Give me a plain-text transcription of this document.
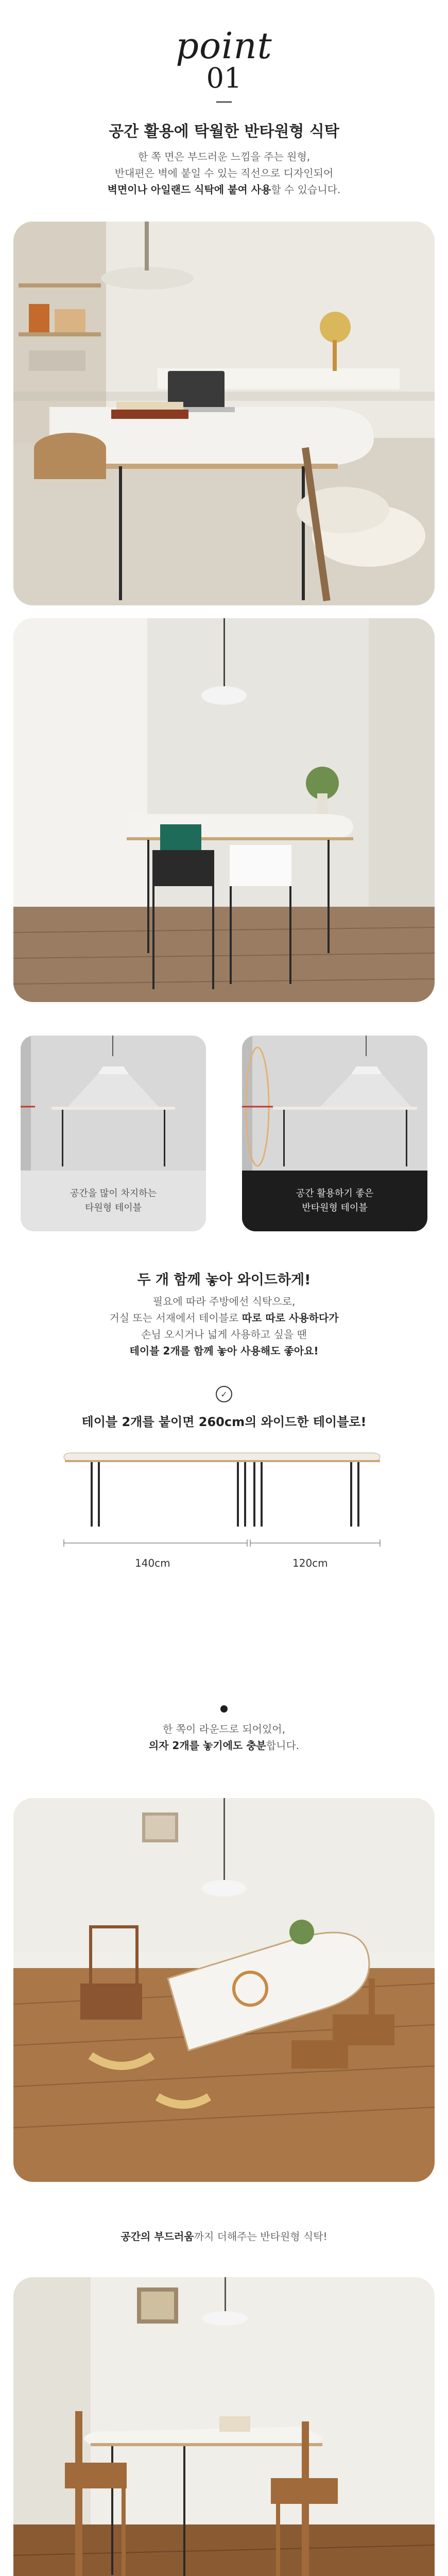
point
01
공간 활용에 탁월한 반타원형 식탁
한 쪽 면은 부드러운 느낌을 주는 원형,
반대편은 벽에 붙일 수 있는 직선으로 디자인되어
벽면이나 아일랜드 식탁에 붙여 사용할 수 있습니다.
공간을 많이 차지하는
타원형 테이블
공간 활용하기 좋은
반타원형 테이블
두 개 함께 놓아 와이드하게!
필요에 따라 주방에선 식탁으로,
거실 또는 서재에서 테이블로 따로 따로 사용하다가
손님 오시거나 넓게 사용하고 싶을 땐
테이블 2개를 함께 놓아 사용해도 좋아요!
✓
테이블 2개를 붙이면 260cm의 와이드한 테이블로!
140cm	120cm
한 쪽이 라운드로 되어있어,
의자 2개를 놓기에도 충분합니다.
공간의 부드러움까지 더해주는 반타원형 식탁!
